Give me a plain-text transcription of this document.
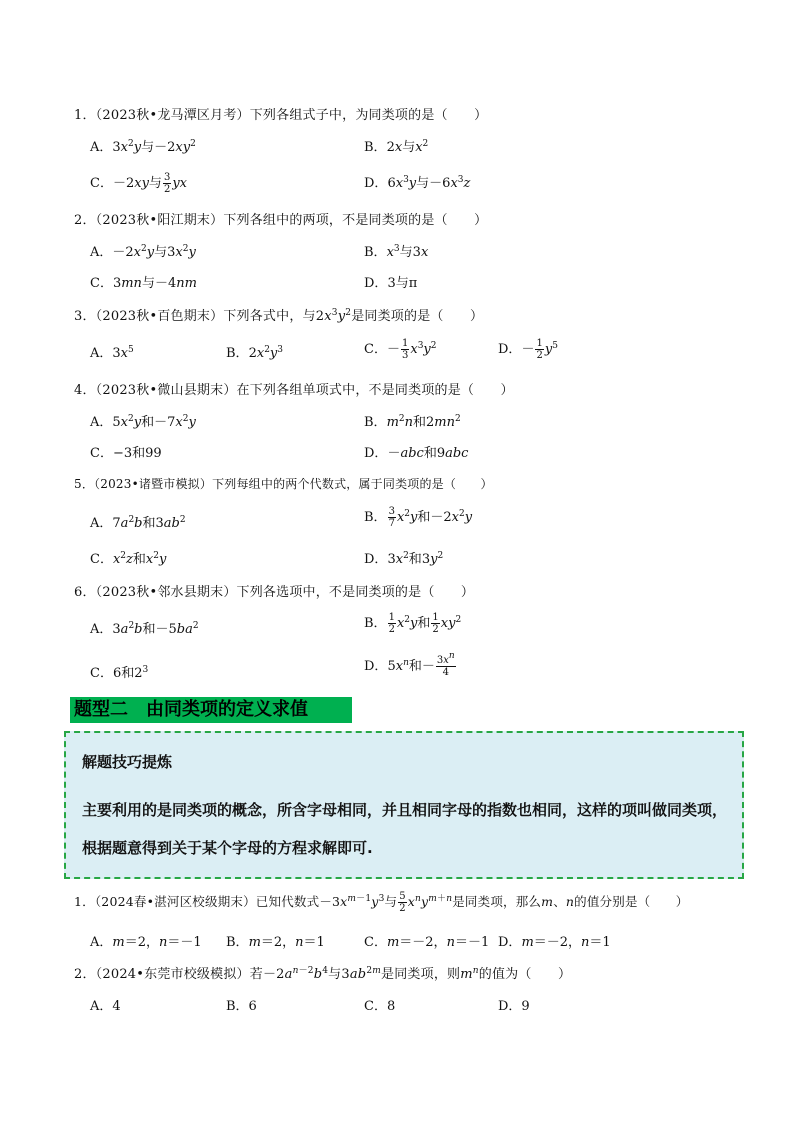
1．（2023秋•龙马潭区月考）下列各组式子中，为同类项的是（　　）
A．$3x^2y$与$-2xy^2$	B．2x与$x^2$
C．－2xy与 $\frac{3}{2}$ yx	D．$6x^3y$与$-6x^3z$
2．（2023秋•阳江期末）下列各组中的两项，不是同类项的是（　　）
A．$-2x^2y$与$3x^2y$	B．$x^3$与3x
C．3mn与－4nm	D．3与π
3．（2023秋•百色期末）下列各式中，与$2x^3y^2$是同类项的是（　　）
A．$3x^5$	B．$2x^2y^3$	C．－ $\frac{1}{3} x^3y^2$	D．－ $\frac{1}{2} y^5$
4．（2023秋•微山县期末）在下列各组单项式中，不是同类项的是（　　）
A．$5x^2y$和$-7x^2y$	B．$m^2n$和$2mn^2$
C．−3和99	D．－abc和9abc
5．（2023•诸暨市模拟）下列每组中的两个代数式，属于同类项的是（　　）
A．$7a^2b$和$3ab^2$	B． $\frac{3}{7} x^2y$和$-2x^2y$
C．$x^2z$和$x^2y$	D．$3x^2$和$3y^2$
6．（2023秋•邻水县期末）下列各选项中，不是同类项的是（　　）
A．$3a^2b$和$-5ba^2$	B． $\frac{1}{2} x^2y$和 $\frac{1}{2} xy^2$
C．6和$2^3$	D．$5x^n$和－ $\frac{3x^n}{4}$
题型二　由同类项的定义求值
解题技巧提炼
主要利用的是同类项的概念，所含字母相同，并且相同字母的指数也相同，这样的项叫做同类项，根据题意得到关于某个字母的方程求解即可.
1．（2024春•湛河区校级期末）已知代数式$-3x^{m-1}y^3$与 $\frac{5}{2} x^ny^{m+n}$是同类项，那么m、n的值分别是（　　）
A．m＝2，n＝－1 B．m＝2，n＝1	C．m＝－2，n＝－1 D．m＝－2，n＝1
2．（2024•东莞市校级模拟）若$-2a^{n-2}b^4$与$3ab^{2m}$是同类项，则$m^n$的值为（　　）
A．4	B．6	C．8	D．9
